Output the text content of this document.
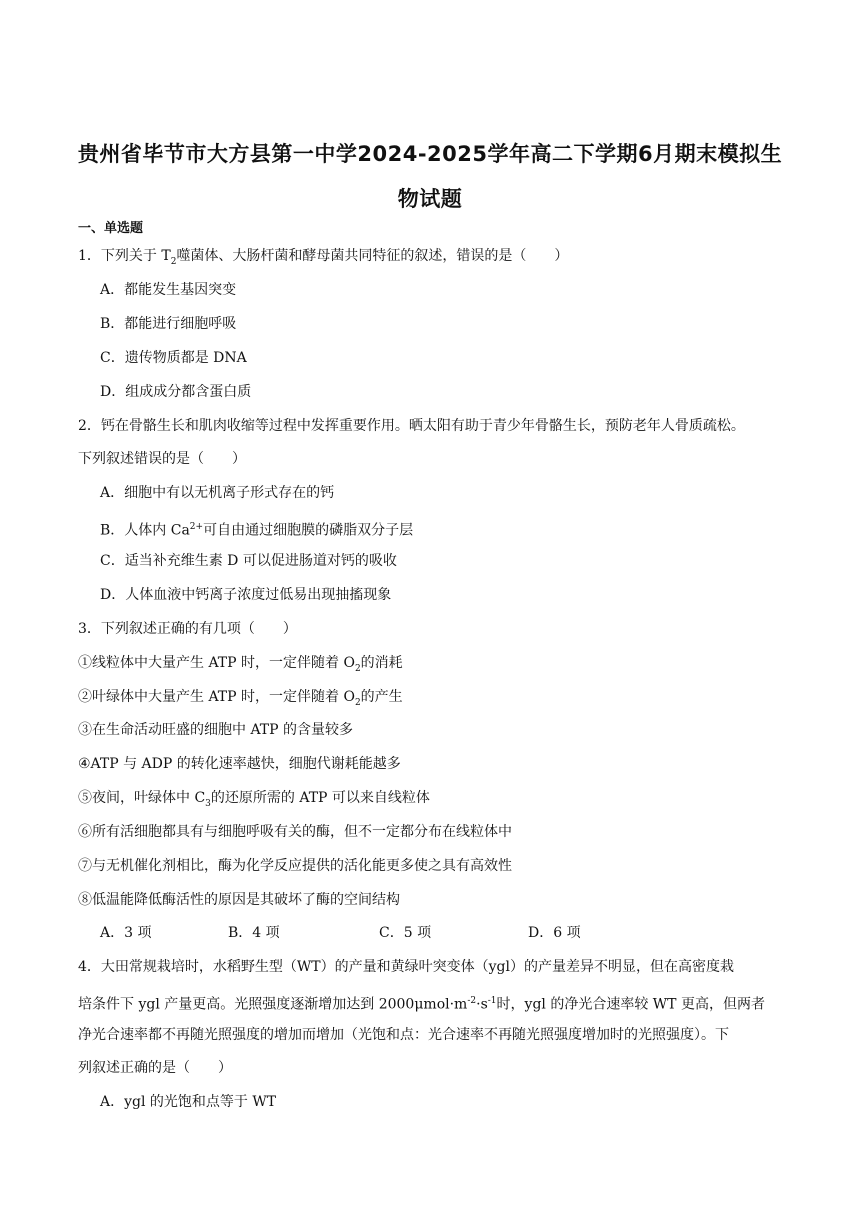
贵州省毕节市大方县第一中学2024-2025学年高二下学期6月期末模拟生
物试题
一、单选题
1．下列关于 $T_2$噬菌体、大肠杆菌和酵母菌共同特征的叙述，错误的是（　　）
A．都能发生基因突变
B．都能进行细胞呼吸
C．遗传物质都是 DNA
D．组成成分都含蛋白质
2．钙在骨骼生长和肌肉收缩等过程中发挥重要作用。晒太阳有助于青少年骨骼生长，预防老年人骨质疏松。
下列叙述错误的是（　　）
A．细胞中有以无机离子形式存在的钙
B．人体内 $Ca^{2+}$可自由通过细胞膜的磷脂双分子层
C．适当补充维生素 D 可以促进肠道对钙的吸收
D．人体血液中钙离子浓度过低易出现抽搐现象
3．下列叙述正确的有几项（　　）
①线粒体中大量产生 ATP 时，一定伴随着 $O_2$的消耗
②叶绿体中大量产生 ATP 时，一定伴随着 $O_2$的产生
③在生命活动旺盛的细胞中 ATP 的含量较多
④ATP 与 ADP 的转化速率越快，细胞代谢耗能越多
⑤夜间，叶绿体中 $C_3$的还原所需的 ATP 可以来自线粒体
⑥所有活细胞都具有与细胞呼吸有关的酶，但不一定都分布在线粒体中
⑦与无机催化剂相比，酶为化学反应提供的活化能更多使之具有高效性
⑧低温能降低酶活性的原因是其破坏了酶的空间结构
A．3 项	B．4 项	C．5 项	D．6 项
4．大田常规栽培时，水稻野生型（WT）的产量和黄绿叶突变体（ygl）的产量差异不明显，但在高密度栽
培条件下 ygl 产量更高。光照强度逐渐增加达到 $2000\mu mol\cdot m^{-2}\cdot s^{-1}$时，ygl 的净光合速率较 WT 更高，但两者
净光合速率都不再随光照强度的增加而增加（光饱和点：光合速率不再随光照强度增加时的光照强度）。下
列叙述正确的是（　　）
A．ygl 的光饱和点等于 WT
